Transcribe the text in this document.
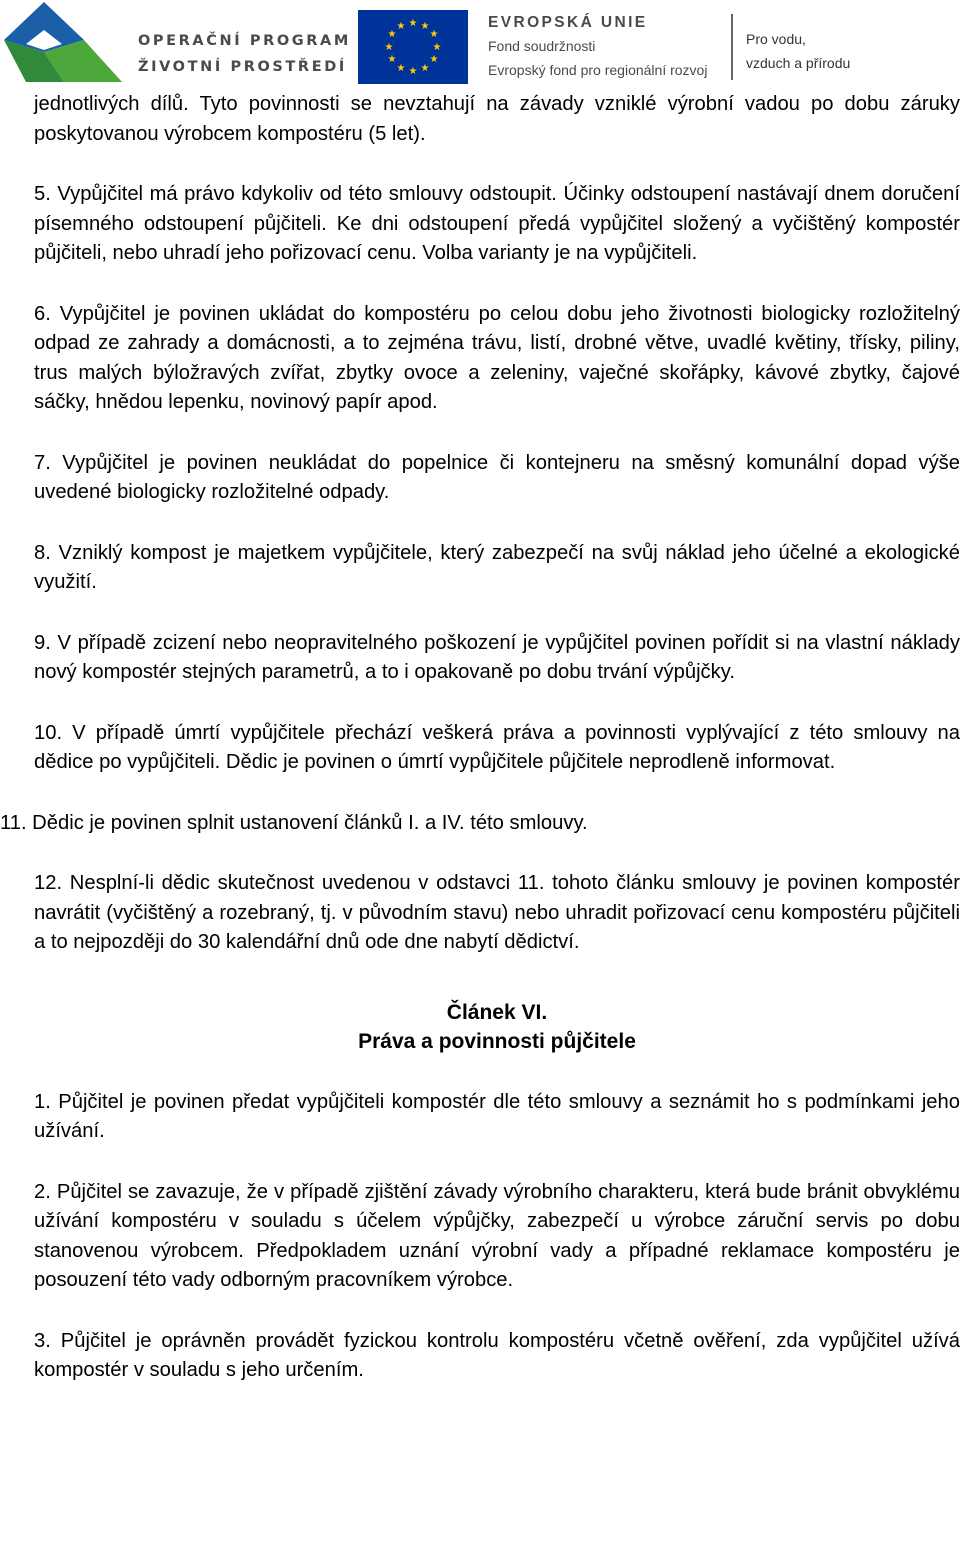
OPERAČNÍ PROGRAM
ŽIVOTNÍ PROSTŘEDÍ
★ ★
★
★
★
★
★
★
★
★
★
★	EVROPSKÁ UNIE
Fond soudržnosti
Evropský fond pro regionální rozvoj
Pro vodu,
vzduch a přírodu

jednotlivých dílů. Tyto povinnosti se nevztahují na závady vzniklé výrobní vadou po dobu záruky poskytovanou výrobcem kompostéru (5 let).

5. Vypůjčitel má právo kdykoliv od této smlouvy odstoupit. Účinky odstoupení nastávají dnem doručení písemného odstoupení půjčiteli. Ke dni odstoupení předá vypůjčitel složený a vyčištěný kompostér půjčiteli, nebo uhradí jeho pořizovací cenu. Volba varianty je na vypůjčiteli.

6. Vypůjčitel je povinen ukládat do kompostéru po celou dobu jeho životnosti biologicky rozložitelný odpad ze zahrady a domácnosti, a to zejména trávu, listí, drobné větve, uvadlé květiny, třísky, piliny, trus malých býložravých zvířat, zbytky ovoce a zeleniny, vaječné skořápky, kávové zbytky, čajové sáčky, hnědou lepenku, novinový papír apod.

7. Vypůjčitel je povinen neukládat do popelnice či kontejneru na směsný komunální dopad výše uvedené biologicky rozložitelné odpady.

8. Vzniklý kompost je majetkem vypůjčitele, který zabezpečí na svůj náklad jeho účelné a ekologické využití.

9. V případě zcizení nebo neopravitelného poškození je vypůjčitel povinen pořídit si na vlastní náklady nový kompostér stejných parametrů, a to i opakovaně po dobu trvání výpůjčky.

10. V případě úmrtí vypůjčitele přechází veškerá práva a povinnosti vyplývající z této smlouvy na dědice po vypůjčiteli. Dědic je povinen o úmrtí vypůjčitele půjčitele neprodleně informovat.

11. Dědic je povinen splnit ustanovení článků I. a IV. této smlouvy.

12. Nesplní-li dědic skutečnost uvedenou v odstavci 11. tohoto článku smlouvy je povinen kompostér navrátit (vyčištěný a rozebraný, tj. v původním stavu) nebo uhradit pořizovací cenu kompostéru půjčiteli a to nejpozději do 30 kalendářní dnů ode dne nabytí dědictví.

Článek VI.

Práva a povinnosti půjčitele

1. Půjčitel je povinen předat vypůjčiteli kompostér dle této smlouvy a seznámit ho s podmínkami jeho užívání.

2. Půjčitel se zavazuje, že v případě zjištění závady výrobního charakteru, která bude bránit obvyklému užívání kompostéru v souladu s účelem výpůjčky, zabezpečí u výrobce záruční servis po dobu stanovenou výrobcem. Předpokladem uznání výrobní vady a případné reklamace kompostéru je posouzení této vady odborným pracovníkem výrobce.

3. Půjčitel je oprávněn provádět fyzickou kontrolu kompostéru včetně ověření, zda vypůjčitel užívá kompostér v souladu s jeho určením.
